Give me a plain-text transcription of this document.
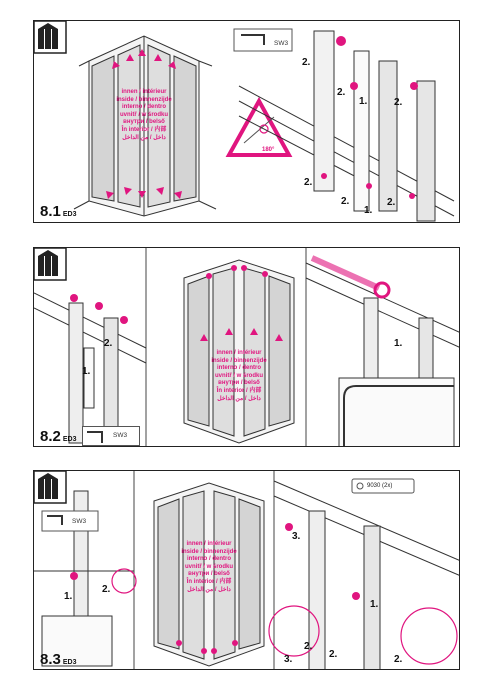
8.1 ED3
SW3
innen / intérieur
inside / binnenzijde
interno / dentro
uvnitř / w środku
внутри / belső
În interior / 内部
داخل / من الداخل
180°
2.
2.
1.	2.
2.
2.
1.
2.
8.2 ED3
SW3
innen / intérieur
inside / binnenzijde
interno / dentro
uvnitř / w środku
внутри / belső
În interior / 内部
داخل / من الداخل
2.
1.
1.
8.3 ED3
SW3
9030 (2x)
innen / intérieur
inside / binnenzijde
interno / dentro
uvnitř / w środku
внутри / belső
În interior / 内部
داخل / من الداخل
2.
1.
3.
1.
2.
3.	2.	2.
